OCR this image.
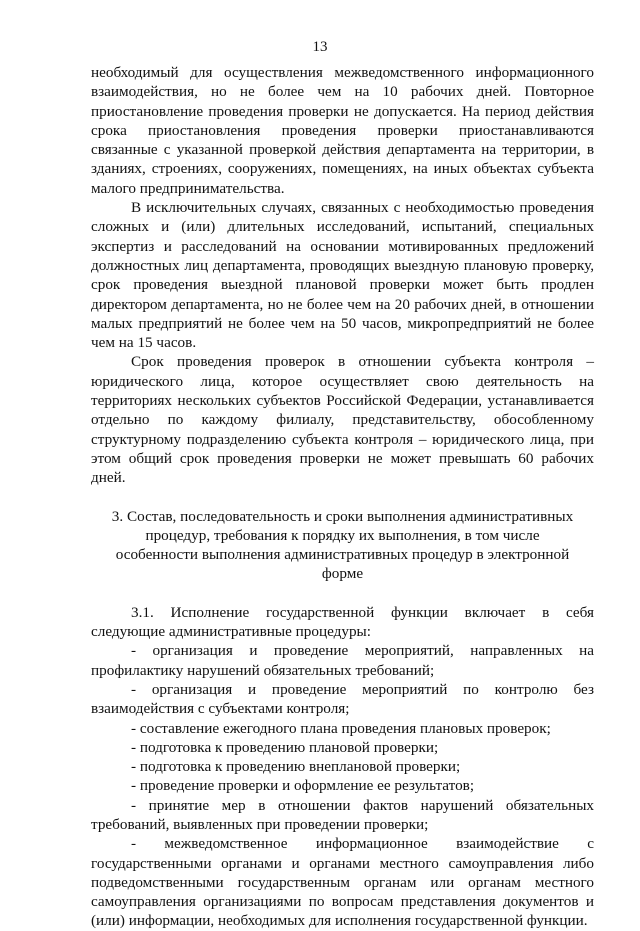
13

необходимый для осуществления межведомственного информационного взаимодействия, но не более чем на 10 рабочих дней. Повторное приостановление проведения проверки не допускается. На период действия срока приостановления проведения проверки приостанавливаются связанные с указанной проверкой действия департамента на территории, в зданиях, строениях, сооружениях, помещениях, на иных объектах субъекта малого предпринимательства.

В исключительных случаях, связанных с необходимостью проведения сложных и (или) длительных исследований, испытаний, специальных экспертиз и расследований на основании мотивированных предложений должностных лиц департамента, проводящих выездную плановую проверку, срок проведения выездной плановой проверки может быть продлен директором департамента, но не более чем на 20 рабочих дней, в отношении малых предприятий не более чем на 50 часов, микропредприятий не более чем на 15 часов.

Срок проведения проверок в отношении субъекта контроля – юридического лица, которое осуществляет свою деятельность на территориях нескольких субъектов Российской Федерации, устанавливается отдельно по каждому филиалу, представительству, обособленному структурному подразделению субъекта контроля – юридического лица, при этом общий срок проведения проверки не может превышать 60 рабочих дней.

3. Состав, последовательность и сроки выполнения административных процедур, требования к порядку их выполнения, в том числе особенности выполнения административных процедур в электронной форме

3.1. Исполнение государственной функции включает в себя следующие административные процедуры:

- организация и проведение мероприятий, направленных на профилактику нарушений обязательных требований;

- организация и проведение мероприятий по контролю без взаимодействия с субъектами контроля;

- составление ежегодного плана проведения плановых проверок;

- подготовка к проведению плановой проверки;

- подготовка к проведению внеплановой проверки;

- проведение проверки и оформление ее результатов;

- принятие мер в отношении фактов нарушений обязательных требований, выявленных при проведении проверки;

- межведомственное информационное взаимодействие с государственными органами и органами местного самоуправления либо подведомственными государственным органам или органам местного самоуправления организациями по вопросам представления документов и (или) информации, необходимых для исполнения государственной функции.
